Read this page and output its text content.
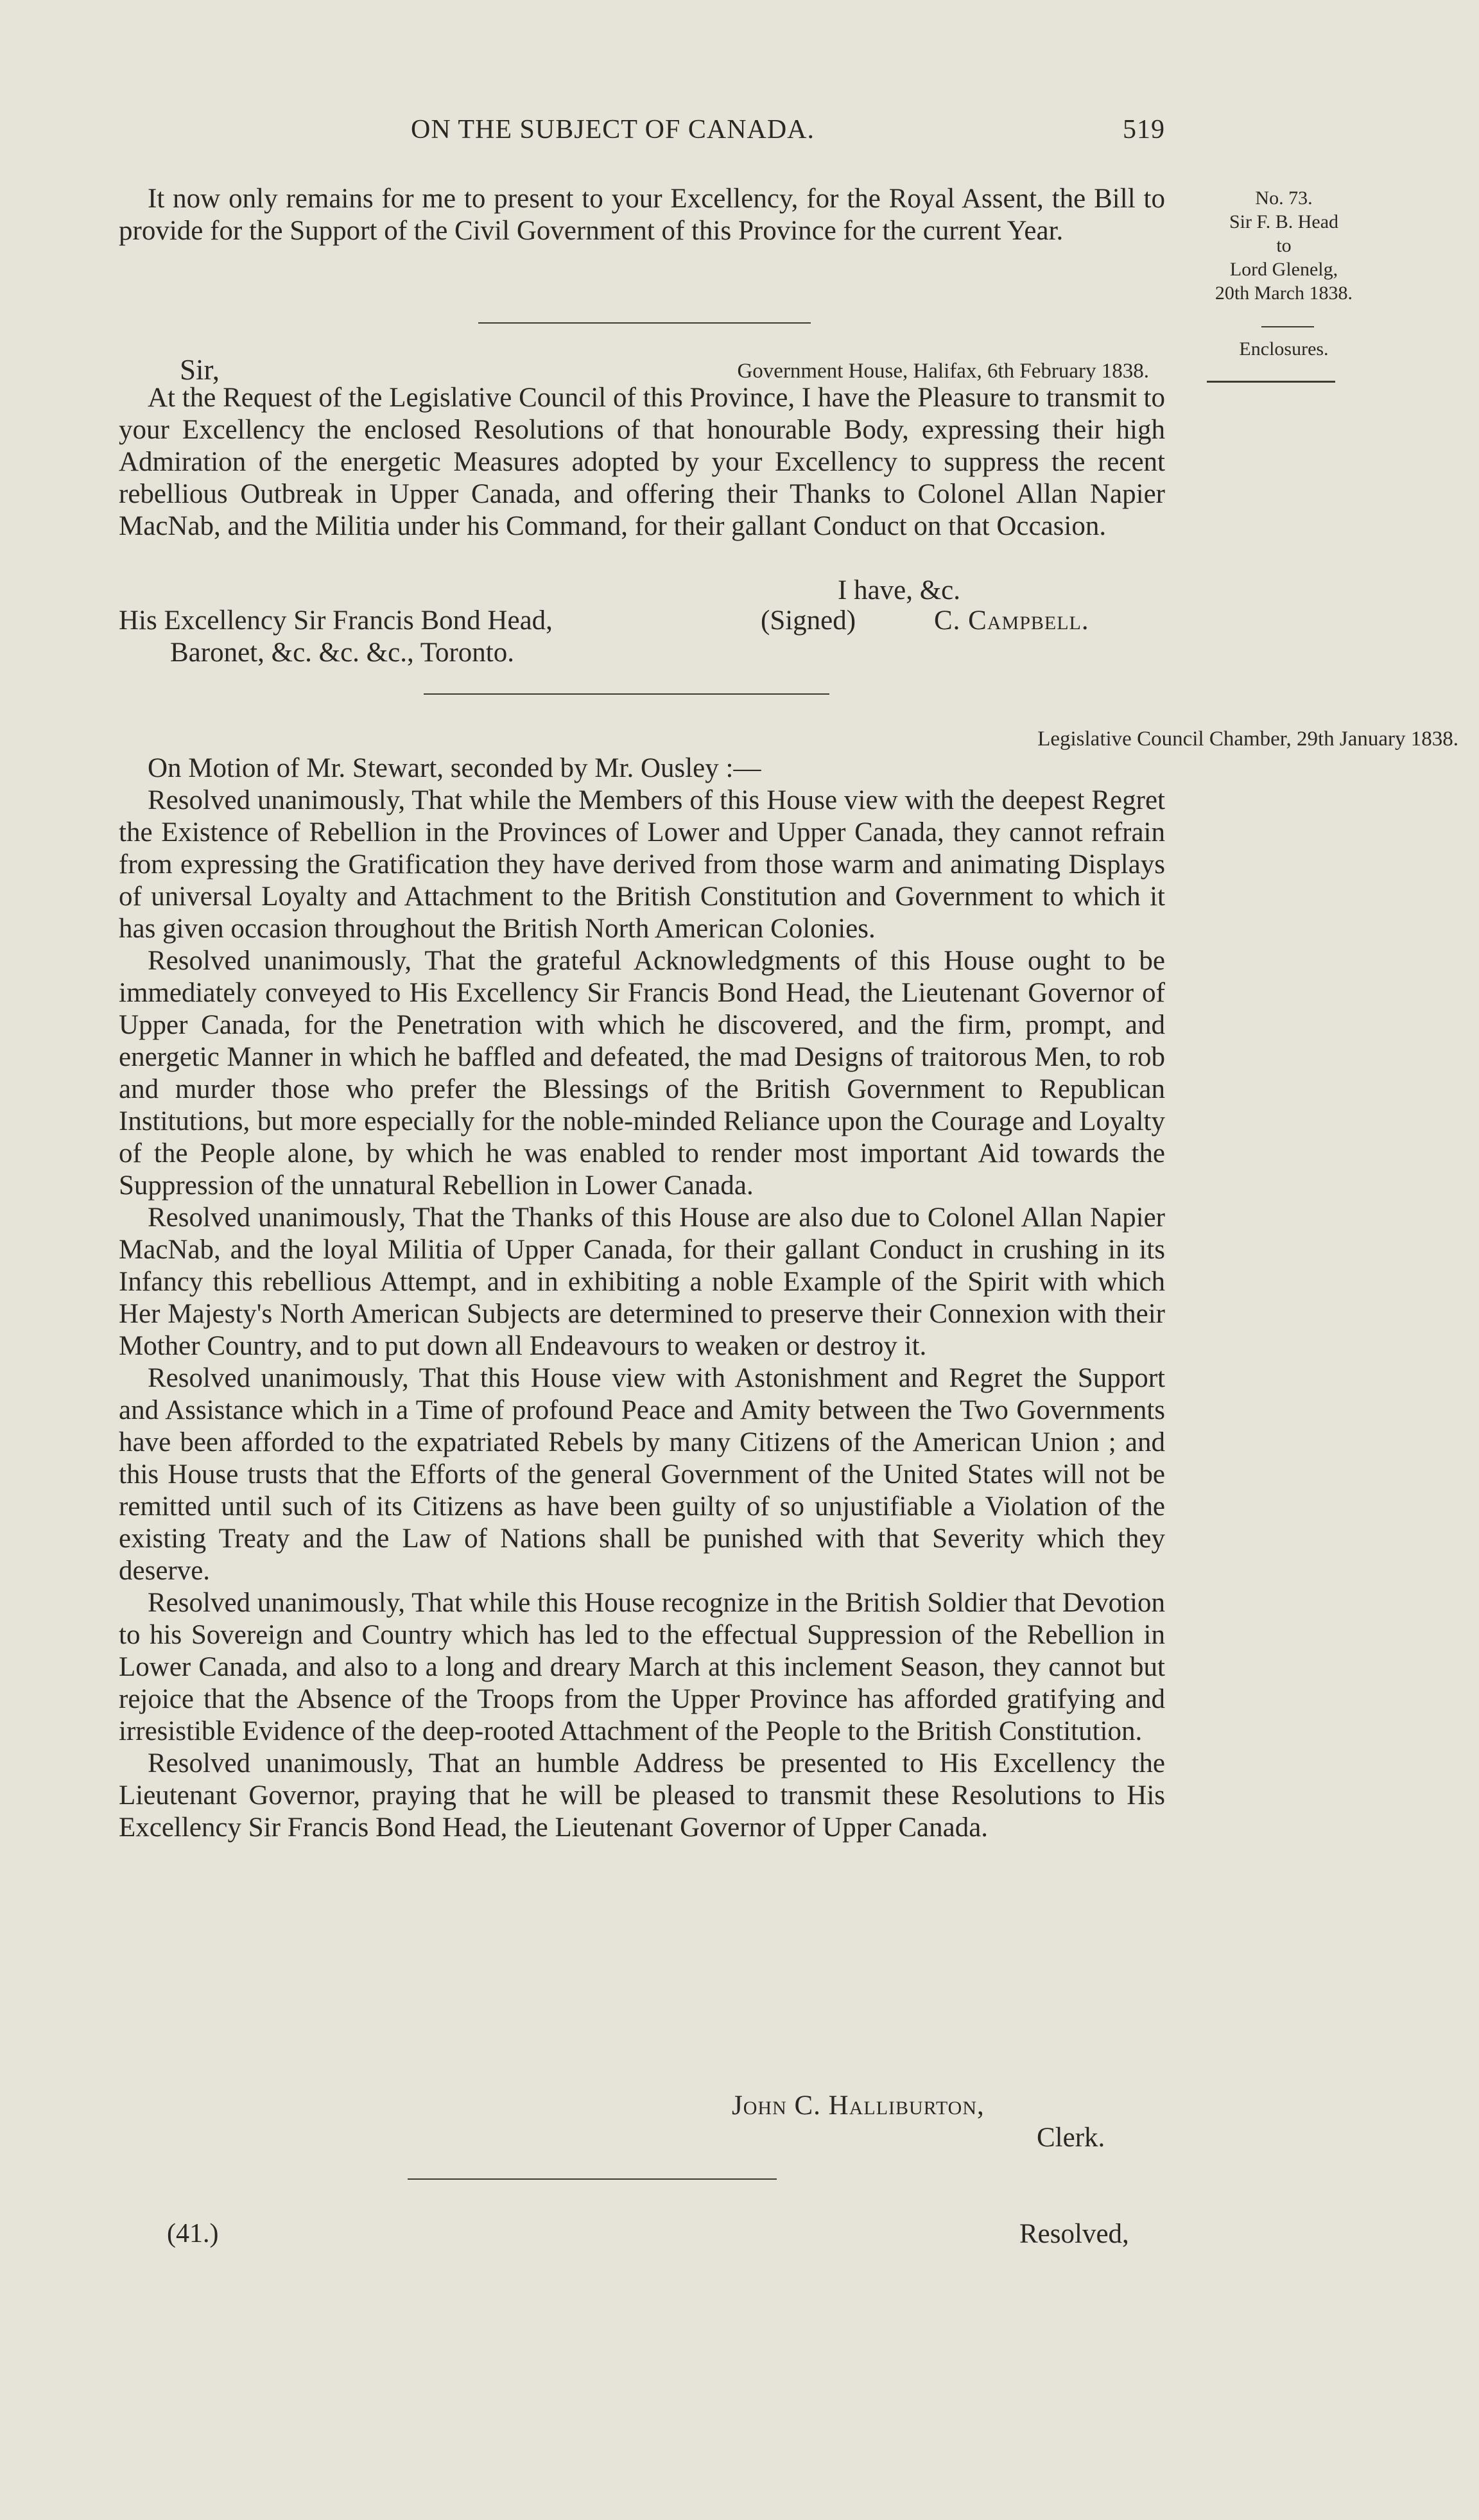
ON THE SUBJECT OF CANADA.	519

It now only remains for me to present to your Excellency, for the Royal Assent, the Bill to provide for the Support of the Civil Government of this Province for the current Year.

No. 73.
Sir F. B. Head
to
Lord Glenelg,
20th March 1838.
Enclosures.
Sir,	Government House, Halifax, 6th February 1838.

At the Request of the Legislative Council of this Province, I have the Pleasure to transmit to your Excellency the enclosed Resolutions of that honourable Body, expressing their high Admiration of the energetic Measures adopted by your Excellency to suppress the recent rebellious Outbreak in Upper Canada, and offering their Thanks to Colonel Allan Napier MacNab, and the Militia under his Command, for their gallant Conduct on that Occasion.

I have, &c.
His Excellency Sir Francis Bond Head,
Baronet, &c. &c. &c., Toronto.
(Signed)	C. Campbell.
Legislative Council Chamber, 29th January 1838.

On Motion of Mr. Stewart, seconded by Mr. Ousley :—

Resolved unanimously, That while the Members of this House view with the deepest Regret the Existence of Rebellion in the Provinces of Lower and Upper Canada, they cannot refrain from expressing the Gratification they have derived from those warm and animating Displays of universal Loyalty and Attachment to the British Constitution and Government to which it has given occasion throughout the British North American Colonies.

Resolved unanimously, That the grateful Acknowledgments of this House ought to be immediately conveyed to His Excellency Sir Francis Bond Head, the Lieutenant Governor of Upper Canada, for the Penetration with which he discovered, and the firm, prompt, and energetic Manner in which he baffled and defeated, the mad Designs of traitorous Men, to rob and murder those who prefer the Blessings of the British Government to Republican Institutions, but more especially for the noble-minded Reliance upon the Courage and Loyalty of the People alone, by which he was enabled to render most important Aid towards the Suppression of the unnatural Rebellion in Lower Canada.

Resolved unanimously, That the Thanks of this House are also due to Colonel Allan Napier MacNab, and the loyal Militia of Upper Canada, for their gallant Conduct in crushing in its Infancy this rebellious Attempt, and in exhibiting a noble Example of the Spirit with which Her Majesty's North American Subjects are determined to preserve their Connexion with their Mother Country, and to put down all Endeavours to weaken or destroy it.

Resolved unanimously, That this House view with Astonishment and Regret the Support and Assistance which in a Time of profound Peace and Amity between the Two Governments have been afforded to the expatriated Rebels by many Citizens of the American Union ; and this House trusts that the Efforts of the general Government of the United States will not be remitted until such of its Citizens as have been guilty of so unjustifiable a Violation of the existing Treaty and the Law of Nations shall be punished with that Severity which they deserve.

Resolved unanimously, That while this House recognize in the British Soldier that Devotion to his Sovereign and Country which has led to the effectual Suppression of the Rebellion in Lower Canada, and also to a long and dreary March at this inclement Season, they cannot but rejoice that the Absence of the Troops from the Upper Province has afforded gratifying and irresistible Evidence of the deep-rooted Attachment of the People to the British Constitution.

Resolved unanimously, That an humble Address be presented to His Excellency the Lieutenant Governor, praying that he will be pleased to transmit these Resolutions to His Excellency Sir Francis Bond Head, the Lieutenant Governor of Upper Canada.

John C. Halliburton,
Clerk.
(41.)	Resolved,
